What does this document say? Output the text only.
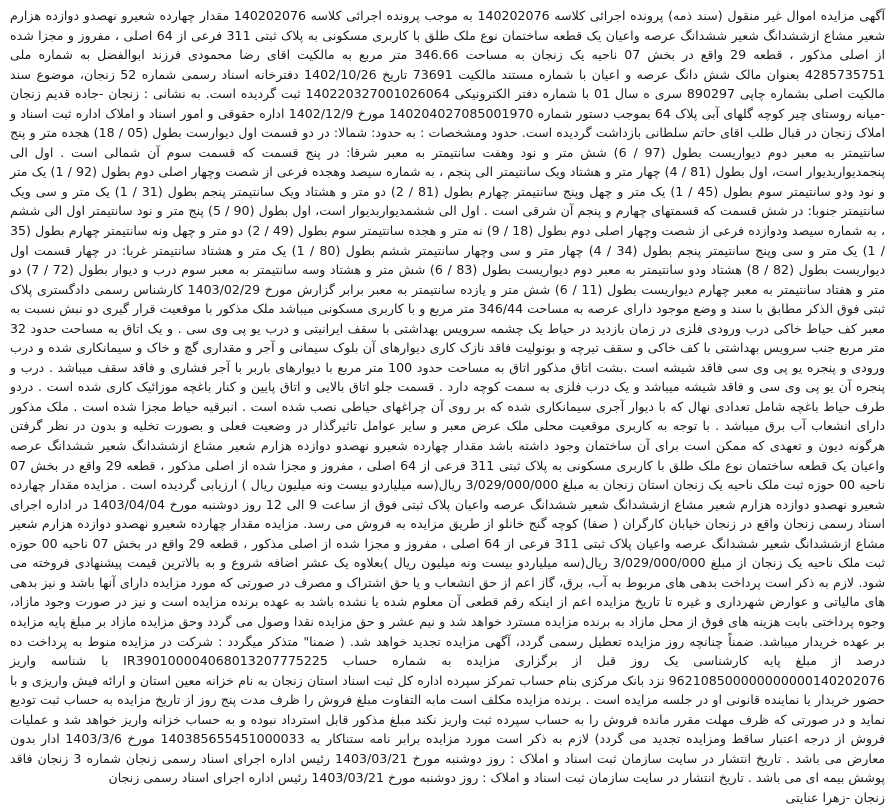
آگهی مزایده اموال غیر منقول (سند ذمه) پرونده اجرائی کلاسه 140202076 به موجب پرونده اجرائی کلاسه 140202076 مقدار چهارده شعیرو نهصدو دوازده هزارم شعیر مشاع ازششدانگ شعیر ششدانگ عرصه واعیان یک قطعه ساختمان نوع ملک طلق با کاربری مسکونی به پلاک ثبتی 311 فرعی از 64 اصلی ، مفروز و مجزا شده از اصلی مذکور ، قطعه 29 واقع در بخش 07 ناحیه یک زنجان به مساحت 346.66 متر مربع به مالکیت اقای رضا محمودی فرزند ابوالفضل به شماره ملی 4285735751 بعنوان مالک شش دانگ عرصه و اعیان با شماره مستند مالکیت 73691 تاریخ 1402/10/26 دفترخانه اسناد رسمی شماره 52 زنجان، موضوع سند مالکیت اصلی بشماره چاپی 890297 سری ه سال 01 با شماره دفتر الکترونیکی 140220327001026064 ثبت گردیده است. به نشانی : زنجان -جاده قدیم زنجان -میانه روستای چیر کوچه گلهای آبی پلاک 64 بموجب دستور شماره 140204027085001970 مورخ 1402/12/9 اداره حقوقی و امور اسناد و املاک اداره ثبت اسناد و املاک زنجان در قبال طلب اقای حاتم سلطانی بازداشت گردیده است. حدود ومشخصات : به حدود: شمالا: در دو قسمت اول دیوارست بطول (05 / 18) هجده متر و پنج سانتیمتر به معبر دوم دیواریست بطول (97 / 6) شش متر و نود وهفت سانتیمتر به معبر شرقا: در پنج قسمت که قسمت سوم آن شمالی است . اول الی پنجمدیواربدیوار است، اول بطول (81 / 4) چهار متر و هشتاد ویک سانتیمتر الی پنجم ، به شماره سیصد وهجده فرعی از شصت وچهار اصلی دوم بطول (92 / 1) یک متر و نود ودو سانتیمتر سوم بطول (45 / 1) یک متر و چهل وپنج سانتیمتر چهارم بطول (81 / 2) دو متر و هشتاد ویک سانتیمتر پنجم بطول (31 / 1) یک متر و سی ویک سانتیمتر جنوبا: در شش قسمت که قسمتهای چهارم و پنجم آن شرقی است . اول الی ششمدیواربدیوار است، اول بطول (90 / 5) پنج متر و نود سانتیمتر اول الی ششم ، به شماره سیصد ودوازده فرعی از شصت وچهار اصلی دوم بطول (18 / 9) نه متر و هجده سانتیمتر سوم بطول (49 / 2) دو متر و چهل ونه سانتیمتر چهارم بطول (35 / 1) یک متر و سی وپنج سانتیمتر پنجم بطول (34 / 4) چهار متر و سی وچهار سانتیمتر ششم بطول (80 / 1) یک متر و هشتاد سانتیمتر غربا: در چهار قسمت اول دیواریست بطول (82 / 8) هشتاد ودو سانتیمتر به معبر دوم دیواریست بطول (83 / 6) شش متر و هشتاد وسه سانتیمتر به معبر سوم درب و دیوار بطول (72 / 7) دو متر و هفتاد سانتیمتر به معبر چهارم دیواریست بطول (11 / 6) شش متر و یازده سانتیمتر به معبر برابر گزارش مورخ 1403/02/29 کارشناس رسمی دادگستری پلاک ثبتی فوق الذکر مطابق با سند و وضع موجود دارای عرصه به مساحت 346/44 متر مربع و با کاربری مسکونی میباشد ملک مذکور با موقعیت قرار گیری دو نبش نسبت به معبر کف حیاط خاکی درب ورودی فلزی در زمان بازدید در حیاط یک چشمه سرویس بهداشتی با سقف ایرانیتی و درب یو پی وی سی . و یک اتاق به مساحت حدود 32 متر مربع جنب سرویس بهداشتی با کف خاکی و سقف تیرچه و بونولیت فاقد نازک کاری دیوارهای آن بلوک سیمانی و آجر و مقداری گچ و خاک و سیمانکاری شده و درب ورودی و پنجره یو پی وی سی فاقد شیشه است .بشت اتاق مذکور اتاق به مساحت حدود 100 متر مربع با دیوارهای باربر با آجر فشاری و فاقد سقف میباشد . درب و پنجره آن یو پی وی سی و فاقد شیشه میباشد و یک درب فلزی به سمت کوچه دارد . قسمت جلو اتاق بالایی و اتاق پایین و کنار باغچه موزائیک کاری شده است . دردو طرف حیاط باغچه شامل تعدادی نهال که با دیوار آجری سیمانکاری شده که بر روی آن چراغهای حیاطی نصب شده است . انبرقیه حیاط مجزا شده است . ملک مذکور دارای انشعاب آب برق میباشد . با توجه به کاربری موقعیت محلی ملک عرض معبر و سایر عوامل تاثیرگذار در وضعیت فعلی و بصورت تخلیه و بدون در نظر گرفتن هرگونه دیون و تعهدی که ممکن است برای آن ساختمان وجود داشته باشد مقدار چهارده شعیرو نهصدو دوازده هزارم شعیر مشاع ازششدانگ شعیر ششدانگ عرصه واعیان یک قطعه ساختمان نوع ملک طلق با کاربری مسکونی به پلاک ثبتی 311 فرعی از 64 اصلی ، مفروز و مجزا شده از اصلی مذکور ، قطعه 29 واقع در بخش 07 ناحیه 00 حوزه ثبت ملک ناحیه یک زنجان استان زنجان به مبلغ 3/029/000/000 ریال(سه میلیاردو بیست ونه میلیون ریال ) ارزیابی گردیده است . مزایده مقدار چهارده شعیرو نهصدو دوازده هزارم شعیر مشاع ازششدانگ شعیر ششدانگ عرصه واعیان پلاک ثبتی فوق از ساعت 9 الی 12 روز دوشنبه مورخ 1403/04/04 در اداره اجرای اسناد رسمی زنجان واقع در زنجان خیابان کارگران ( صفا) کوچه گنج خانلو از طریق مزایده به فروش می رسد. مزایده مقدار چهارده شعیرو نهصدو دوازده هزارم شعیر مشاع ازششدانگ شعیر ششدانگ عرصه واعیان پلاک ثبتی 311 فرعی از 64 اصلی ، مفروز و مجزا شده از اصلی مذکور ، قطعه 29 واقع در بخش 07 ناحیه 00 حوزه ثبت ملک ناحیه یک زنجان از مبلغ 3/029/000/000 ریال(سه میلیاردو بیست ونه میلیون ریال )بعلاوه یک عشر اضافه شروع و به بالاترین قیمت پیشنهادی فروخته می شود. لازم به ذکر است پرداخت بدهی های مربوط به آب، برق، گاز اعم از حق انشعاب و یا حق اشتراک و مصرف در صورتی که مورد مزایده دارای آنها باشد و نیز بدهی های مالیاتی و عوارض شهرداری و غیره تا تاریخ مزایده اعم از اینکه رقم قطعی آن معلوم شده یا نشده باشد به عهده برنده مزایده است و نیز در صورت وجود مازاد، وجوه پرداختی بابت هزینه های فوق از محل مازاد به برنده مزایده مسترد خواهد شد و نیم عشر و حق مزایده نقدا وصول می گردد وحق مزایده مازاد بر مبلغ پایه مزایده بر عهده خریدار میباشد. ضمناً چنانچه روز مزایده تعطیل رسمی گردد، آگهی مزایده تجدید خواهد شد. ( ضمنا" متذکر میگردد : شرکت در مزایده منوط به پرداخت ده درصد از مبلغ پایه کارشناسی یک روز قبل از برگزاری مزایده به شماره حساب IR390100004068013207775225 با شناسه واریز 962108500000000000140202076 نزد بانک مرکزی بنام حساب تمرکز سپرده اداره کل ثبت اسناد استان زنجان به نام خزانه معین استان و ارائه فیش واریزی و با حضور خریدار یا نماینده قانونی او در جلسه مزایده است . برنده مزایده مکلف است مابه التفاوت مبلغ فروش را ظرف مدت پنج روز از تاریخ مزایده به حساب ثبت تودیع نماید و در صورتی که ظرف مهلت مقرر مانده فروش را به حساب سپرده ثبت واریز نکند مبلغ مذکور قابل استرداد نبوده و به حساب خزانه واریز خواهد شد و عملیات فروش از درجه اعتبار ساقط ومزایده تجدید می گردد) لازم به ذکر است مورد مزایده برابر نامه ستناکار به 140385655451000033 مورخ 1403/3/6 ادار بدون معارض می باشد . تاریخ انتشار در سایت سازمان ثبت اسناد و املاک : روز دوشنبه مورخ 1403/03/21 رئیس اداره اجرای اسناد رسمی زنجان شماره 3 زنجان فاقد پوشش بیمه ای می باشد . تاریخ انتشار در سایت سازمان ثبت اسناد و املاک : روز دوشنبه مورخ 1403/03/21 رئیس اداره اجرای اسناد رسمی زنجان

زنجان -زهرا عنایتی
